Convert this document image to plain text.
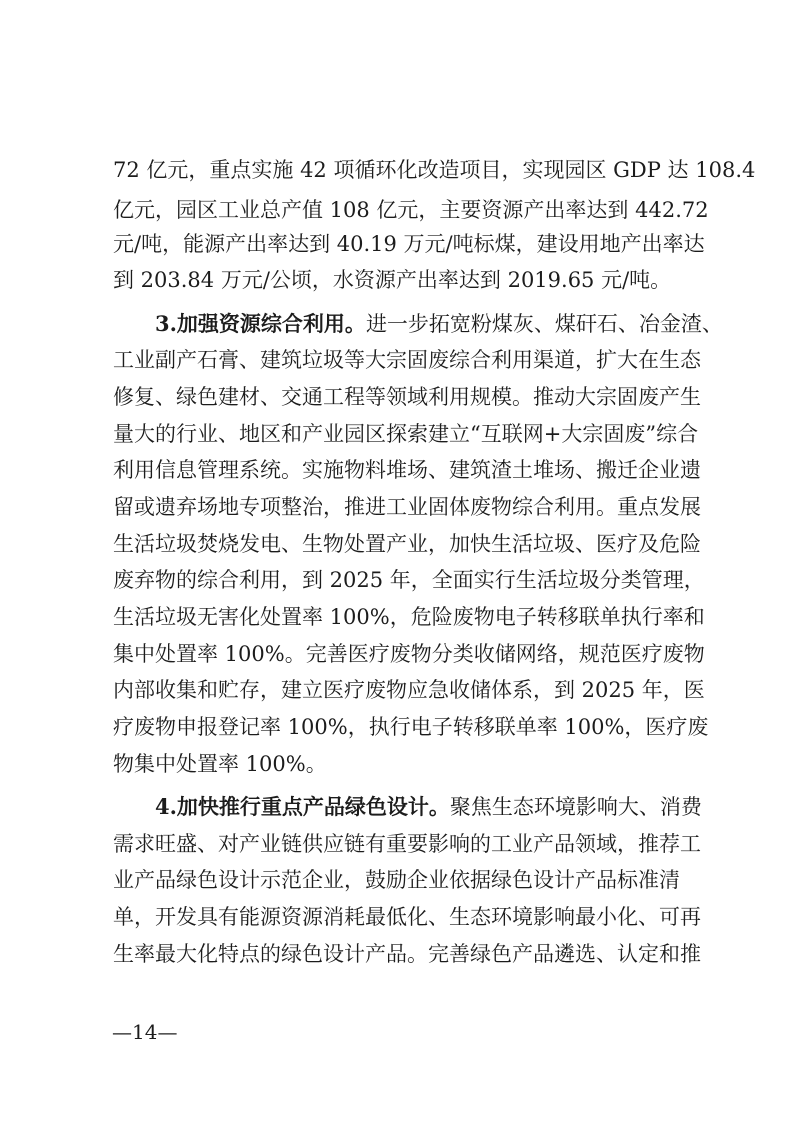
72 亿元，重点实施 42 项循环化改造项目，实现园区 GDP 达 108.4
亿元，园区工业总产值 108 亿元，主要资源产出率达到 442.72
元/吨，能源产出率达到 40.19 万元/吨标煤，建设用地产出率达
到 203.84 万元/公顷，水资源产出率达到 2019.65 元/吨。
3.加强资源综合利用。进一步拓宽粉煤灰、煤矸石、冶金渣、
工业副产石膏、建筑垃圾等大宗固废综合利用渠道，扩大在生态
修复、绿色建材、交通工程等领域利用规模。推动大宗固废产生
量大的行业、地区和产业园区探索建立“互联网+大宗固废”综合
利用信息管理系统。实施物料堆场、建筑渣土堆场、搬迁企业遗
留或遗弃场地专项整治，推进工业固体废物综合利用。重点发展
生活垃圾焚烧发电、生物处置产业，加快生活垃圾、医疗及危险
废弃物的综合利用，到 2025 年，全面实行生活垃圾分类管理，
生活垃圾无害化处置率 100%，危险废物电子转移联单执行率和
集中处置率 100%。完善医疗废物分类收储网络，规范医疗废物
内部收集和贮存，建立医疗废物应急收储体系，到 2025 年，医
疗废物申报登记率 100%，执行电子转移联单率 100%，医疗废
物集中处置率 100%。
4.加快推行重点产品绿色设计。聚焦生态环境影响大、消费
需求旺盛、对产业链供应链有重要影响的工业产品领域，推荐工
业产品绿色设计示范企业，鼓励企业依据绿色设计产品标准清
单，开发具有能源资源消耗最低化、生态环境影响最小化、可再
生率最大化特点的绿色设计产品。完善绿色产品遴选、认定和推
—14—
